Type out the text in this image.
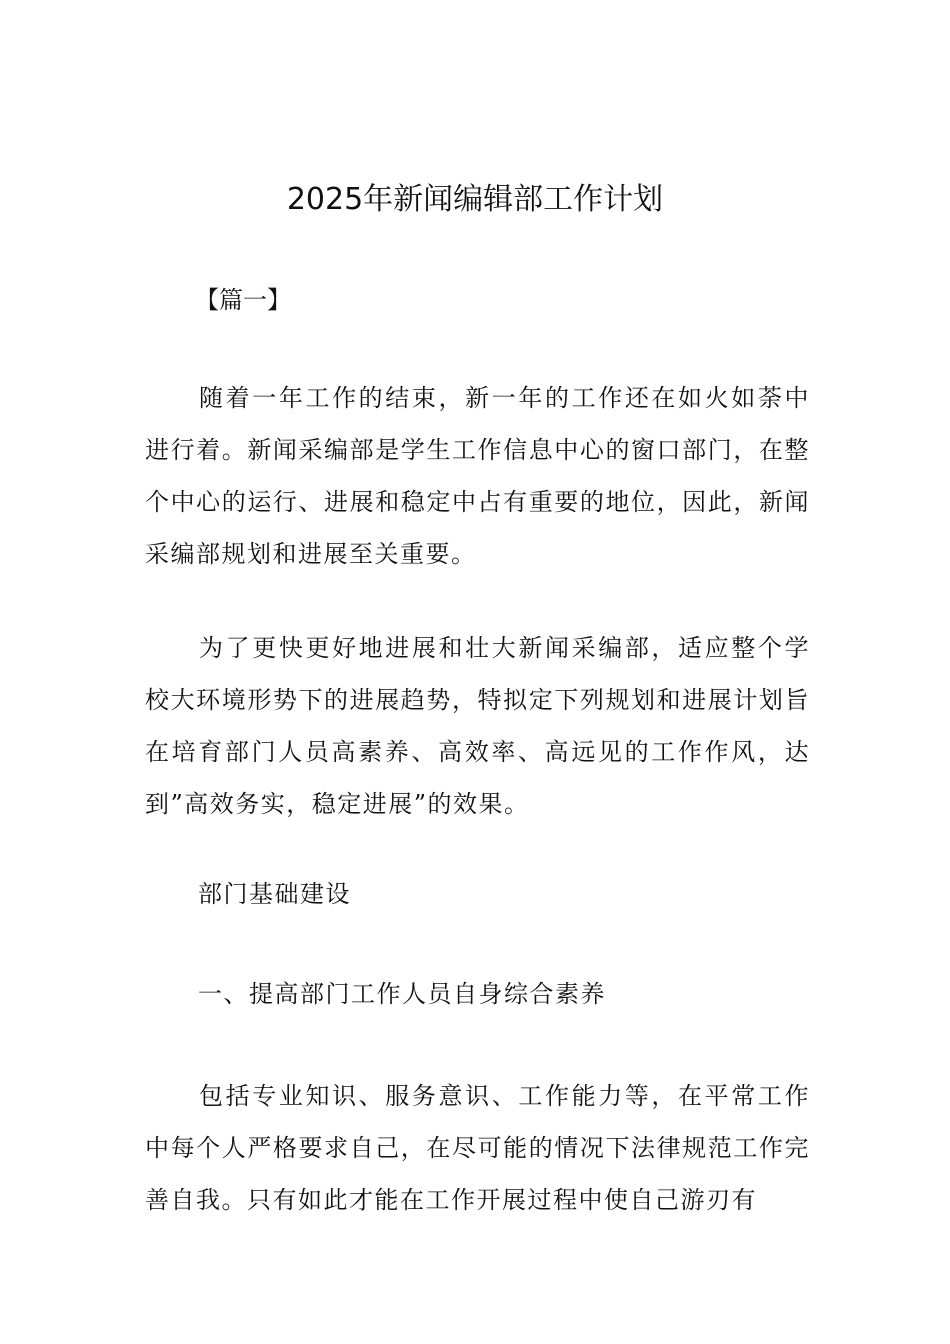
2025年新闻编辑部工作计划

【篇一】

随着一年工作的结束，新一年的工作还在如火如荼中进行着。新闻采编部是学生工作信息中心的窗口部门，在整个中心的运行、进展和稳定中占有重要的地位，因此，新闻采编部规划和进展至关重要。

为了更快更好地进展和壮大新闻采编部，适应整个学校大环境形势下的进展趋势，特拟定下列规划和进展计划旨在培育部门人员高素养、高效率、高远见的工作作风，达到”高效务实，稳定进展”的效果。

部门基础建设

一、提高部门工作人员自身综合素养

包括专业知识、服务意识、工作能力等，在平常工作中每个人严格要求自己，在尽可能的情况下法律规范工作完善自我。只有如此才能在工作开展过程中使自己游刃有
